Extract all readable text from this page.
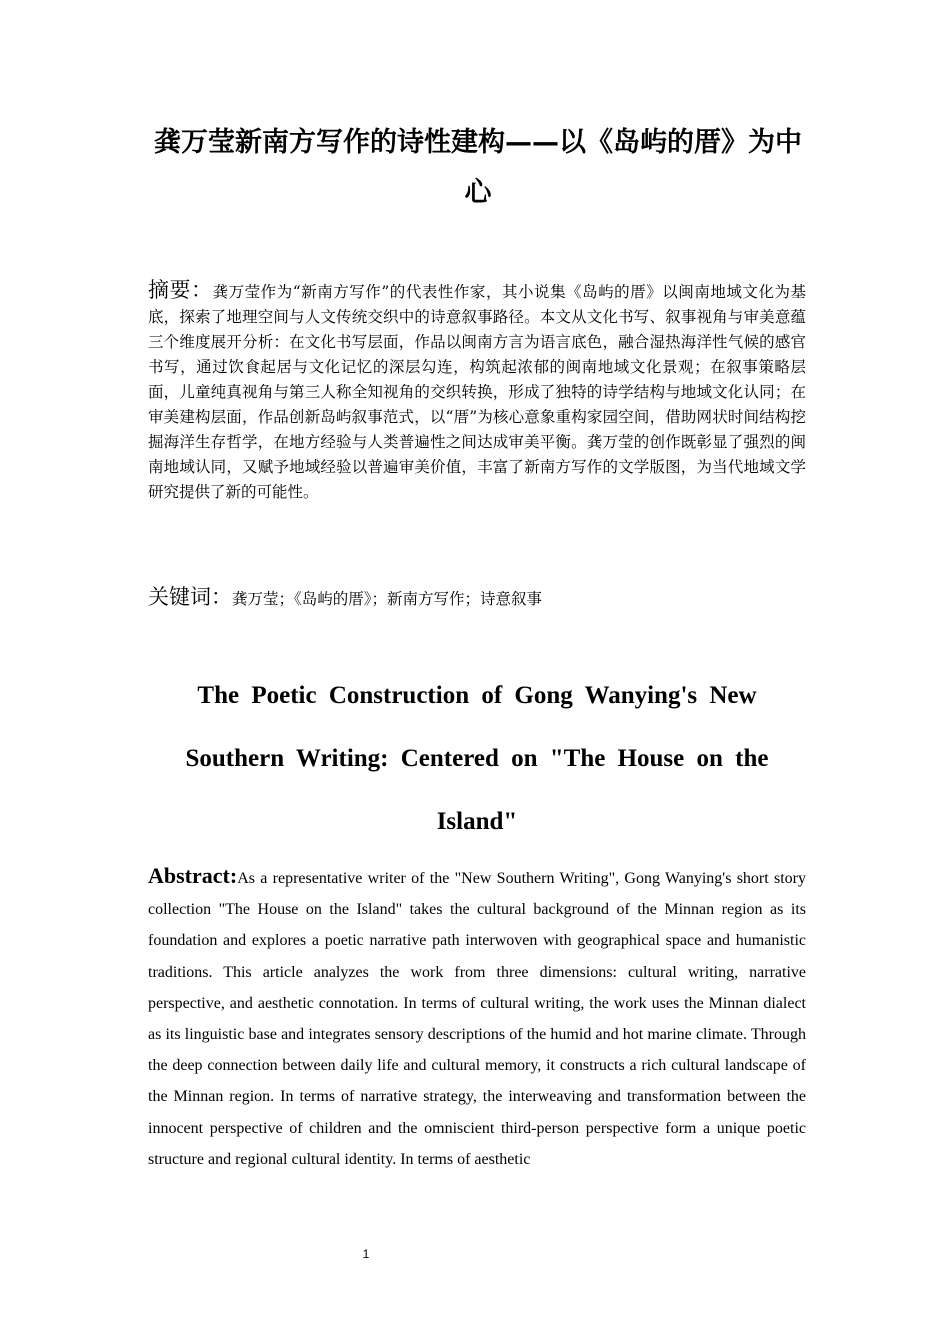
龚万莹新南方写作的诗性建构——以《岛屿的厝》为中心
摘要：龚万莹作为“新南方写作”的代表性作家，其小说集《岛屿的厝》以闽南地域文化为基底，探索了地理空间与人文传统交织中的诗意叙事路径。本文从文化书写、叙事视角与审美意蕴三个维度展开分析：在文化书写层面，作品以闽南方言为语言底色，融合湿热海洋性气候的感官书写，通过饮食起居与文化记忆的深层勾连，构筑起浓郁的闽南地域文化景观；在叙事策略层面，儿童纯真视角与第三人称全知视角的交织转换，形成了独特的诗学结构与地域文化认同；在审美建构层面，作品创新岛屿叙事范式，以“厝”为核心意象重构家园空间，借助网状时间结构挖掘海洋生存哲学，在地方经验与人类普遍性之间达成审美平衡。龚万莹的创作既彰显了强烈的闽南地域认同，又赋予地域经验以普遍审美价值，丰富了新南方写作的文学版图，为当代地域文学研究提供了新的可能性。
关键词：龚万莹；《岛屿的厝》；新南方写作；诗意叙事
The Poetic Construction of Gong Wanying's New Southern Writing: Centered on "The House on the Island"
Abstract:As a representative writer of the "New Southern Writing", Gong Wanying's short story collection "The House on the Island" takes the cultural background of the Minnan region as its foundation and explores a poetic narrative path interwoven with geographical space and humanistic traditions. This article analyzes the work from three dimensions: cultural writing, narrative perspective, and aesthetic connotation. In terms of cultural writing, the work uses the Minnan dialect as its linguistic base and integrates sensory descriptions of the humid and hot marine climate. Through the deep connection between daily life and cultural memory, it constructs a rich cultural landscape of the Minnan region. In terms of narrative strategy, the interweaving and transformation between the innocent perspective of children and the omniscient third-person perspective form a unique poetic structure and regional cultural identity. In terms of aesthetic
1
